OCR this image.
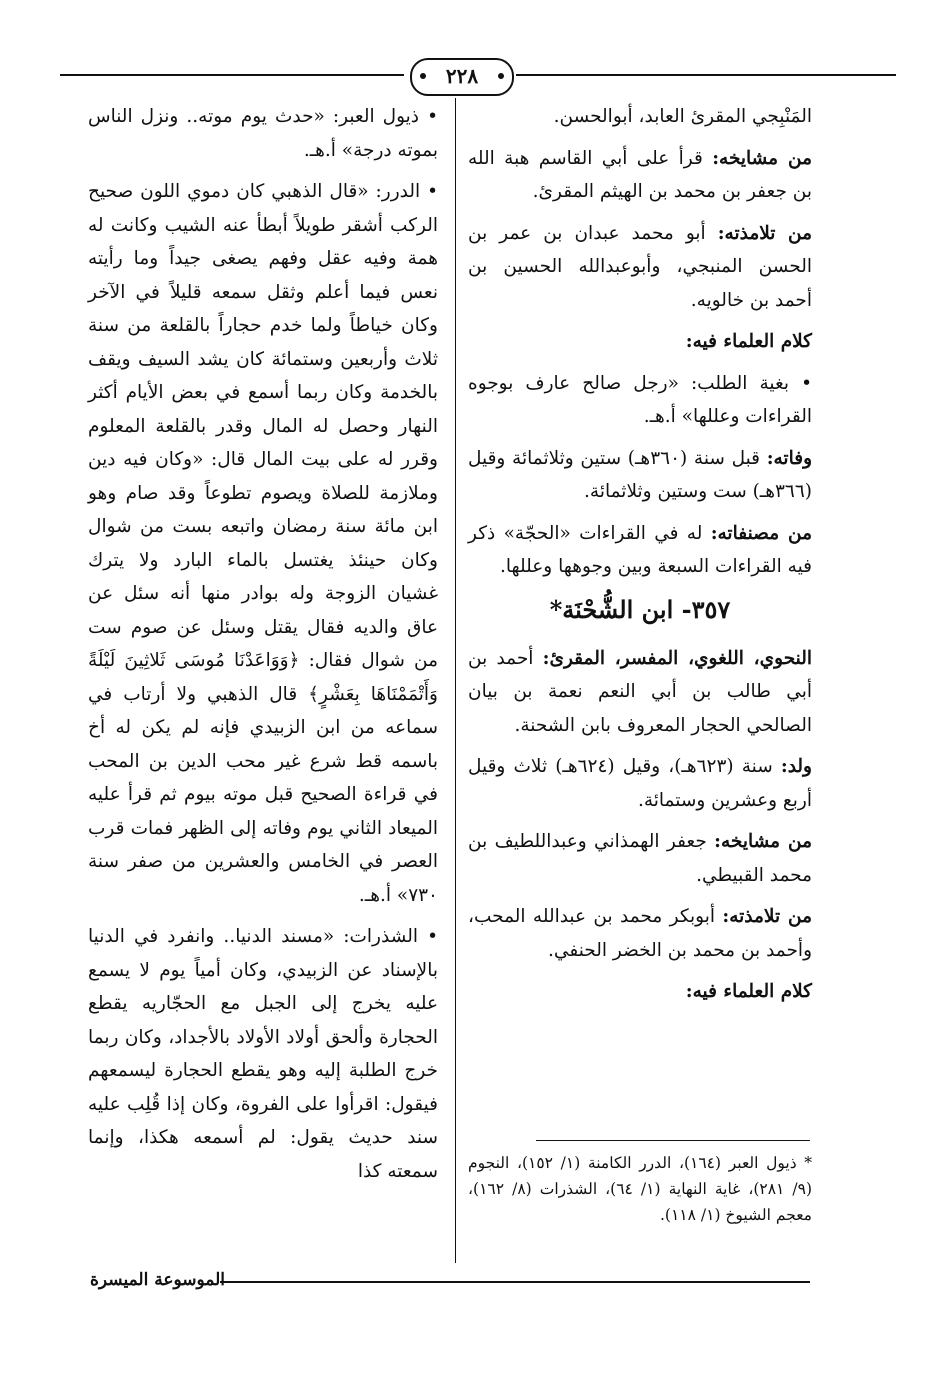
٢٢٨

المَنْبِجي المقرئ العابد، أبوالحسن.

من مشايخه: قرأ على أبي القاسم هبة الله بن جعفر بن محمد بن الهيثم المقرئ.

من تلامذته: أبو محمد عبدان بن عمر بن الحسن المنبجي، وأبوعبدالله الحسين بن أحمد بن خالويه.

كلام العلماء فيه:

• بغية الطلب: «رجل صالح عارف بوجوه القراءات وعللها» أ.هـ.

وفاته: قبل سنة (٣٦٠هـ) ستين وثلاثمائة وقيل (٣٦٦هـ) ست وستين وثلاثمائة.

من مصنفاته: له في القراءات «الحجّة» ذكر فيه القراءات السبعة وبين وجوهها وعللها.

٣٥٧- ابن الشُّحْنَة*

النحوي، اللغوي، المفسر، المقرئ: أحمد بن أبي طالب بن أبي النعم نعمة بن بيان الصالحي الحجار المعروف بابن الشحنة.

ولد: سنة (٦٢٣هـ)، وقيل (٦٢٤هـ) ثلاث وقيل أربع وعشرين وستمائة.

من مشايخه: جعفر الهمذاني وعبداللطيف بن محمد القبيطي.

من تلامذته: أبوبكر محمد بن عبدالله المحب، وأحمد بن محمد بن الخضر الحنفي.

كلام العلماء فيه:

* ذيول العبر (١٦٤)، الدرر الكامنة (١/ ١٥٢)، النجوم (٩/ ٢٨١)، غاية النهاية (١/ ٦٤)، الشذرات (٨/ ١٦٢)، معجم الشيوخ (١/ ١١٨).

• ذيول العبر: «حدث يوم موته.. ونزل الناس بموته درجة» أ.هـ.

• الدرر: «قال الذهبي كان دموي اللون صحيح الركب أشقر طويلاً أبطأ عنه الشيب وكانت له همة وفيه عقل وفهم يصغى جيداً وما رأيته نعس فيما أعلم وثقل سمعه قليلاً في الآخر وكان خياطاً ولما خدم حجاراً بالقلعة من سنة ثلاث وأربعين وستمائة كان يشد السيف ويقف بالخدمة وكان ربما أسمع في بعض الأيام أكثر النهار وحصل له المال وقدر بالقلعة المعلوم وقرر له على بيت المال قال: «وكان فيه دين وملازمة للصلاة ويصوم تطوعاً وقد صام وهو ابن مائة سنة رمضان واتبعه بست من شوال وكان حينئذ يغتسل بالماء البارد ولا يترك غشيان الزوجة وله بوادر منها أنه سئل عن عاق والديه فقال يقتل وسئل عن صوم ست من شوال فقال: ﴿وَوَاعَدْنَا مُوسَى ثَلاثِينَ لَيْلَةً وَأَتْمَمْنَاهَا بِعَشْرٍ﴾ قال الذهبي ولا أرتاب في سماعه من ابن الزبيدي فإنه لم يكن له أخ باسمه قط شرع غير محب الدين بن المحب في قراءة الصحيح قبل موته بيوم ثم قرأ عليه الميعاد الثاني يوم وفاته إلى الظهر فمات قرب العصر في الخامس والعشرين من صفر سنة ٧٣٠» أ.هـ.

• الشذرات: «مسند الدنيا.. وانفرد في الدنيا بالإسناد عن الزبيدي، وكان أمياً يوم لا يسمع عليه يخرج إلى الجبل مع الحجّاريه يقطع الحجارة وألحق أولاد الأولاد بالأجداد، وكان ربما خرج الطلبة إليه وهو يقطع الحجارة ليسمعهم فيقول: اقرأوا على الفروة، وكان إذا قُلِب عليه سند حديث يقول: لم أسمعه هكذا، وإنما سمعته كذا

الموسوعة الميسرة
